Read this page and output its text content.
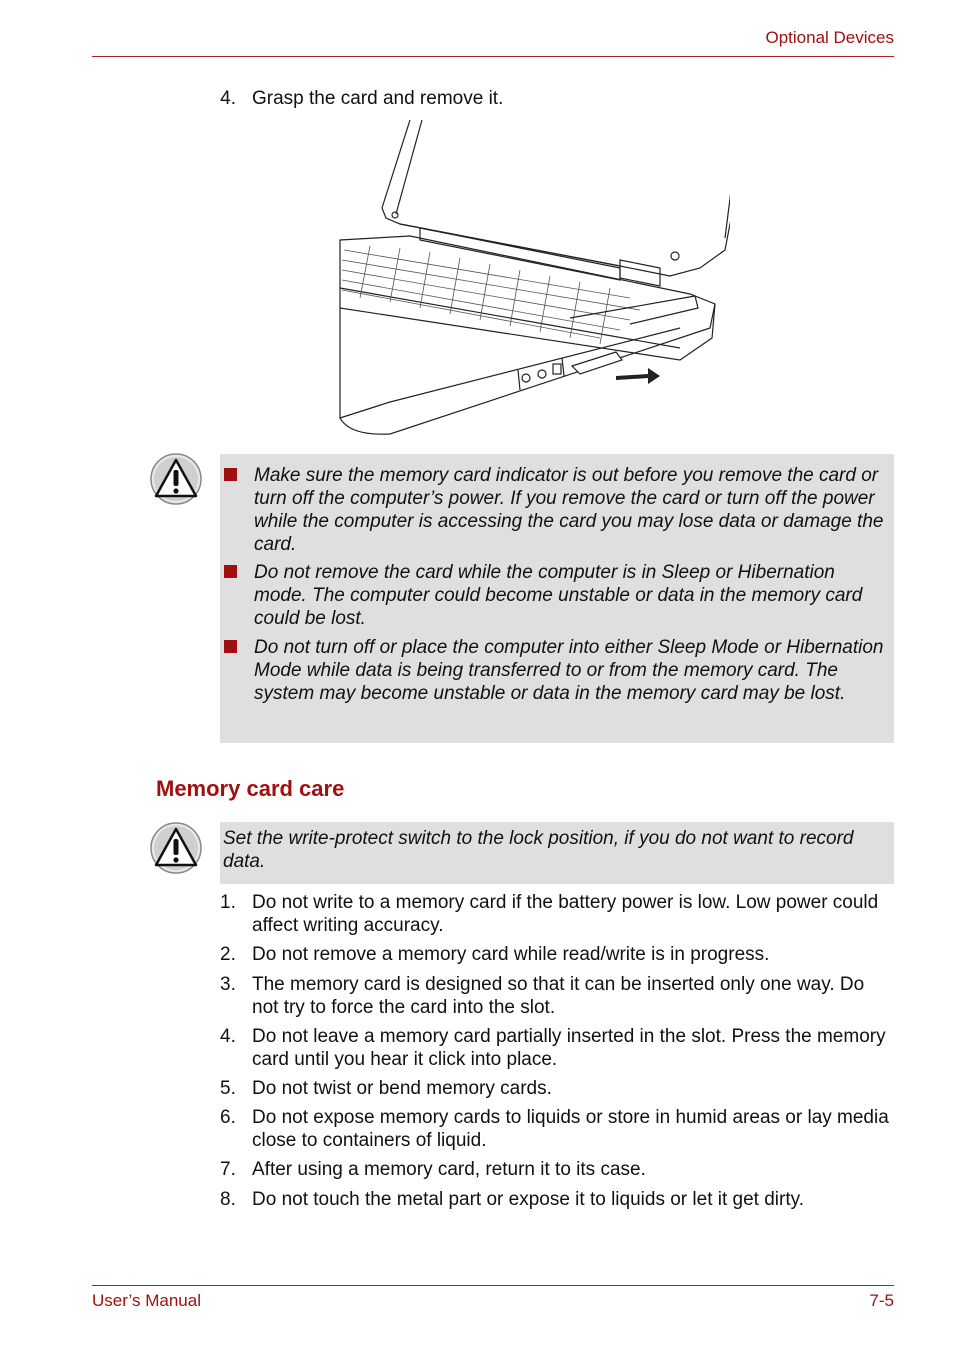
Optional Devices
4. Grasp the card and remove it.
Make sure the memory card indicator is out before you remove the card or turn off the computer’s power. If you remove the card or turn off the power while the computer is accessing the card you may lose data or damage the card.
Do not remove the card while the computer is in Sleep or Hibernation mode. The computer could become unstable or data in the memory card could be lost.
Do not turn off or place the computer into either Sleep Mode or Hibernation Mode while data is being transferred to or from the memory card. The system may become unstable or data in the memory card may be lost.
Memory card care
Set the write-protect switch to the lock position, if you do not want to record data.
1. Do not write to a memory card if the battery power is low. Low power could affect writing accuracy.
2. Do not remove a memory card while read/write is in progress.
3. The memory card is designed so that it can be inserted only one way. Do not try to force the card into the slot.
4. Do not leave a memory card partially inserted in the slot. Press the memory card until you hear it click into place.
5. Do not twist or bend memory cards.
6. Do not expose memory cards to liquids or store in humid areas or lay media close to containers of liquid.
7. After using a memory card, return it to its case.
8. Do not touch the metal part or expose it to liquids or let it get dirty.
User’s Manual	7-5
